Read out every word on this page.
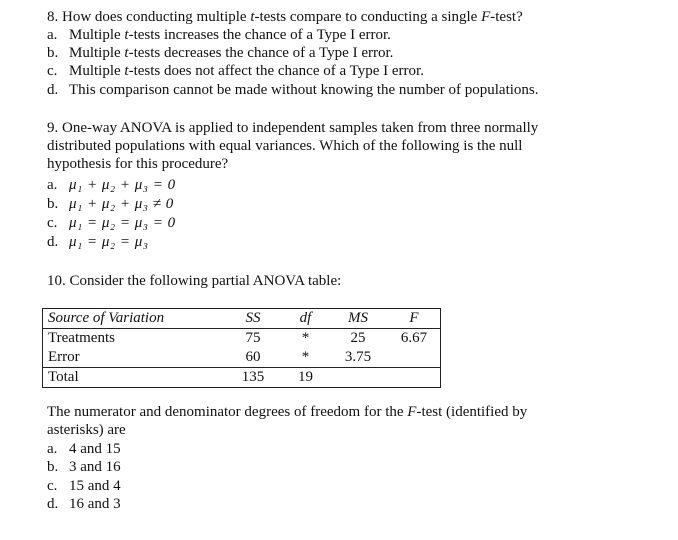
8. How does conducting multiple t-tests compare to conducting a single F-test?
a. Multiple t-tests increases the chance of a Type I error.
b. Multiple t-tests decreases the chance of a Type I error.
c. Multiple t-tests does not affect the chance of a Type I error.
d. This comparison cannot be made without knowing the number of populations.
9. One-way ANOVA is applied to independent samples taken from three normally
distributed populations with equal variances. Which of the following is the null
hypothesis for this procedure?
a. μ₁ + μ₂ + μ₃ = 0
b. μ₁ + μ₂ + μ₃ ≠ 0
c. μ₁ = μ₂ = μ₃ = 0
d. μ₁ = μ₂ = μ₃
10. Consider the following partial ANOVA table:
Source of Variation	SS	df	MS	F
Treatments	75	*	25	6.67
Error	60	*	3.75	
Total	135	19		
The numerator and denominator degrees of freedom for the F-test (identified by
asterisks) are
a. 4 and 15
b. 3 and 16
c. 15 and 4
d. 16 and 3
